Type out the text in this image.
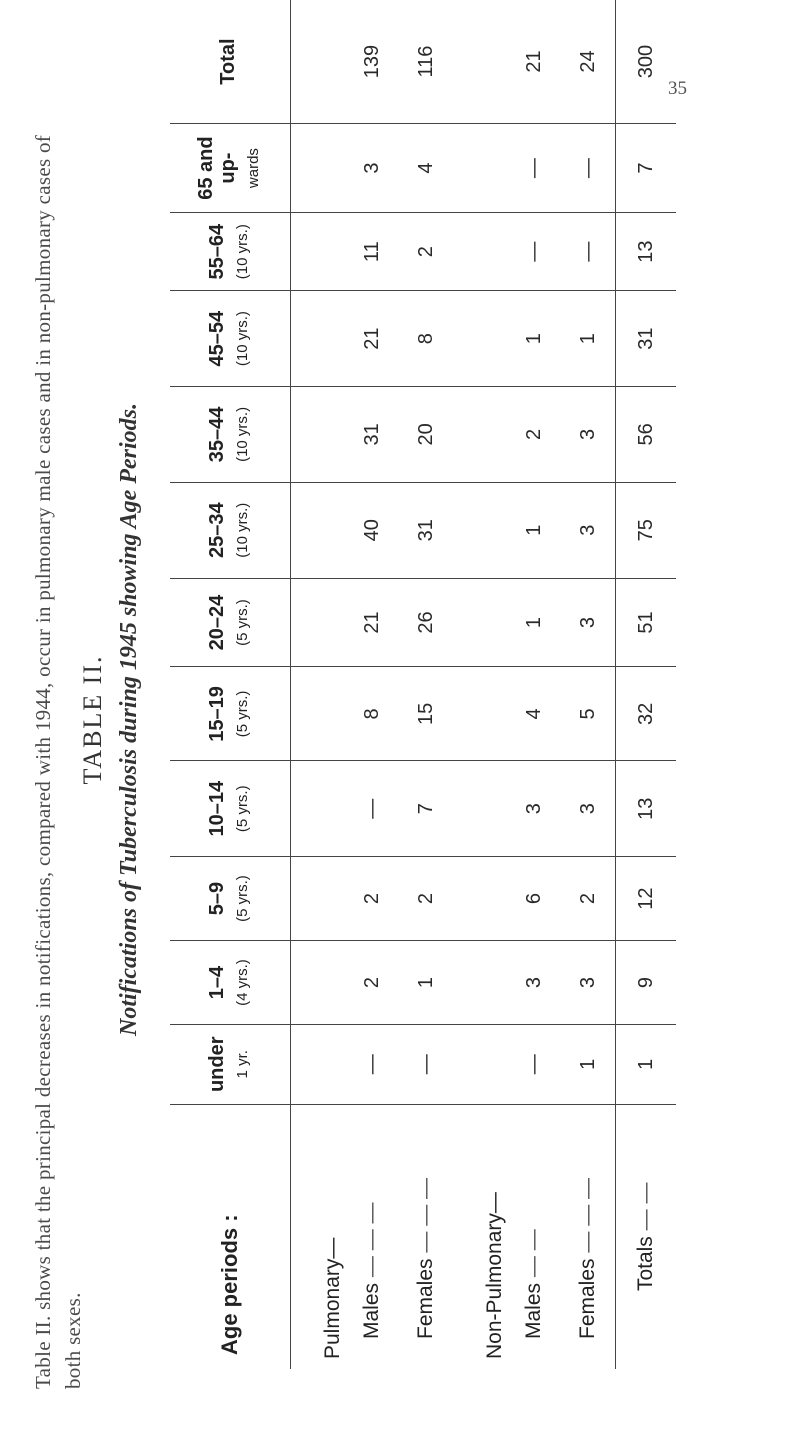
35
Table II. shows that the principal decreases in notifications, compared with 1944, occur in pulmonary male cases and in non-pulmonary cases of both sexes.
TABLE II. Notifications of Tuberculosis during 1945 showing Age Periods.
Age periods :	under 1 yr.	1–4 (4 yrs.)	5–9 (5 yrs.)	10–14 (5 yrs.)	15–19 (5 yrs.)	20–24 (5 yrs.)	25–34 (10 yrs.)	35–44 (10 yrs.)	45–54 (10 yrs.)	55–64 (10 yrs.)	65 and up- wards	Total

Pulmonary—												
Males — — —	—	2	2	—	8	21	40	31	21	11	3	139
Females — — —	—	1	2	7	15	26	31	20	8	2	4	116
Non-Pulmonary—												
Males — —	—	3	6	3	4	1	1	2	1	—	—	21
Females — — —	1	3	2	3	5	3	3	3	1	—	—	24
Totals — —	1	9	12	13	32	51	75	56	31	13	7	300
